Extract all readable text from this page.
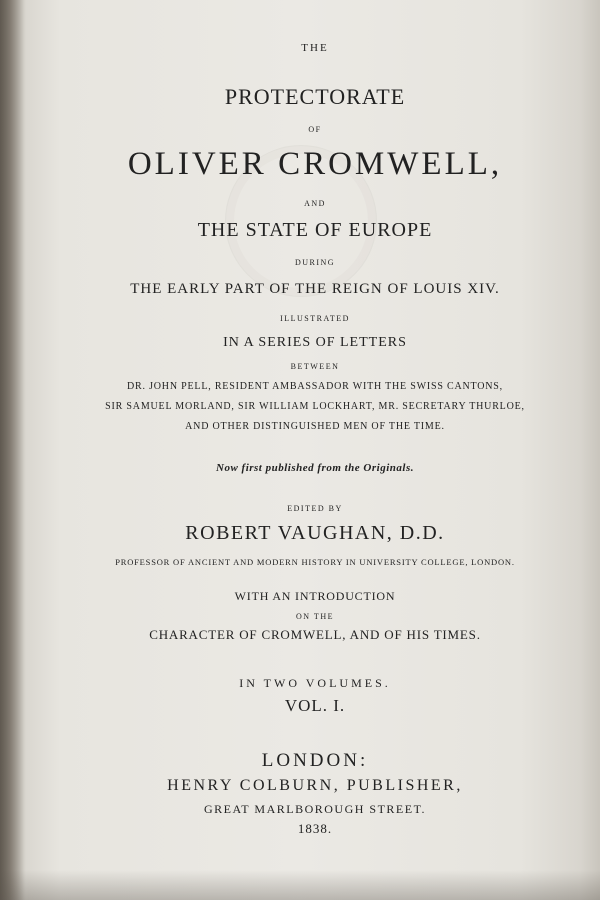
THE
PROTECTORATE
OF
OLIVER CROMWELL,
AND
THE STATE OF EUROPE
DURING
THE EARLY PART OF THE REIGN OF LOUIS XIV.
ILLUSTRATED
IN A SERIES OF LETTERS
BETWEEN
DR. JOHN PELL, RESIDENT AMBASSADOR WITH THE SWISS CANTONS,
SIR SAMUEL MORLAND, SIR WILLIAM LOCKHART, MR. SECRETARY THURLOE,
AND OTHER DISTINGUISHED MEN OF THE TIME.
Now first published from the Originals.
EDITED BY
ROBERT VAUGHAN, D.D.
PROFESSOR OF ANCIENT AND MODERN HISTORY IN UNIVERSITY COLLEGE, LONDON.
WITH AN INTRODUCTION
ON THE
CHARACTER OF CROMWELL, AND OF HIS TIMES.
IN TWO VOLUMES.
VOL. I.
LONDON:
HENRY COLBURN, PUBLISHER,
GREAT MARLBOROUGH STREET.
1838.
